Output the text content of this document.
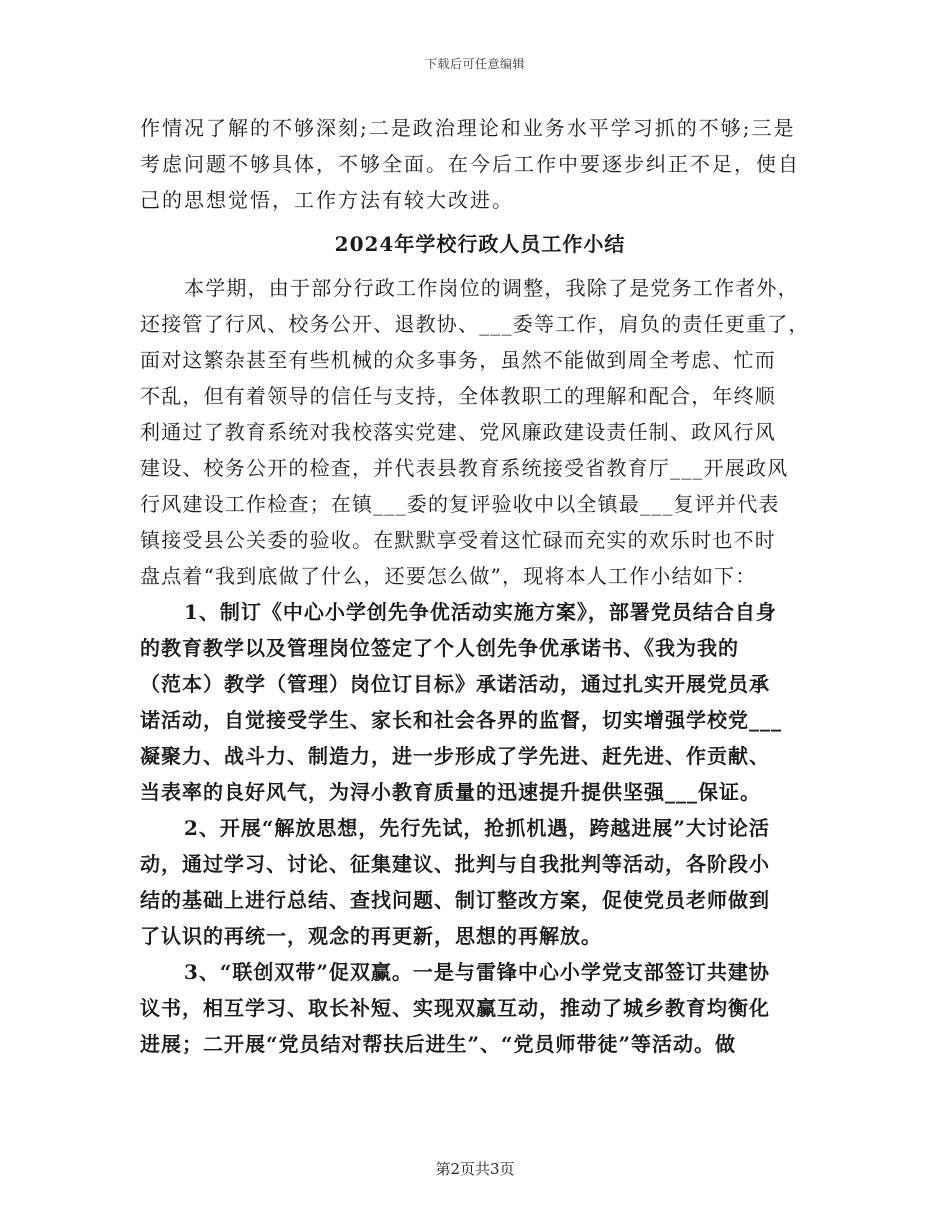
下载后可任意编辑
作情况了解的不够深刻;二是政治理论和业务水平学习抓的不够;三是
考虑问题不够具体，不够全面。在今后工作中要逐步纠正不足，使自
己的思想觉悟，工作方法有较大改进。
2024年学校行政人员工作小结
本学期，由于部分行政工作岗位的调整，我除了是党务工作者外，
还接管了行风、校务公开、退教协、___委等工作，肩负的责任更重了，
面对这繁杂甚至有些机械的众多事务，虽然不能做到周全考虑、忙而
不乱，但有着领导的信任与支持，全体教职工的理解和配合，年终顺
利通过了教育系统对我校落实党建、党风廉政建设责任制、政风行风
建设、校务公开的检查，并代表县教育系统接受省教育厅___开展政风
行风建设工作检查；在镇___委的复评验收中以全镇最___复评并代表
镇接受县公关委的验收。在默默享受着这忙碌而充实的欢乐时也不时
盘点着“我到底做了什么，还要怎么做”，现将本人工作小结如下：
1、制订《中心小学创先争优活动实施方案》，部署党员结合自身
的教育教学以及管理岗位签定了个人创先争优承诺书、《我为我的
（范本）教学（管理）岗位订目标》承诺活动，通过扎实开展党员承
诺活动，自觉接受学生、家长和社会各界的监督，切实增强学校党___
凝聚力、战斗力、制造力，进一步形成了学先进、赶先进、作贡献、
当表率的良好风气，为浔小教育质量的迅速提升提供坚强___保证。
2、开展“解放思想，先行先试，抢抓机遇，跨越进展”大讨论活
动，通过学习、讨论、征集建议、批判与自我批判等活动，各阶段小
结的基础上进行总结、查找问题、制订整改方案，促使党员老师做到
了认识的再统一，观念的再更新，思想的再解放。
3、“联创双带”促双赢。一是与雷锋中心小学党支部签订共建协
议书，相互学习、取长补短、实现双赢互动，推动了城乡教育均衡化
进展；二开展“党员结对帮扶后进生”、“党员师带徒”等活动。做
第2页共3页
